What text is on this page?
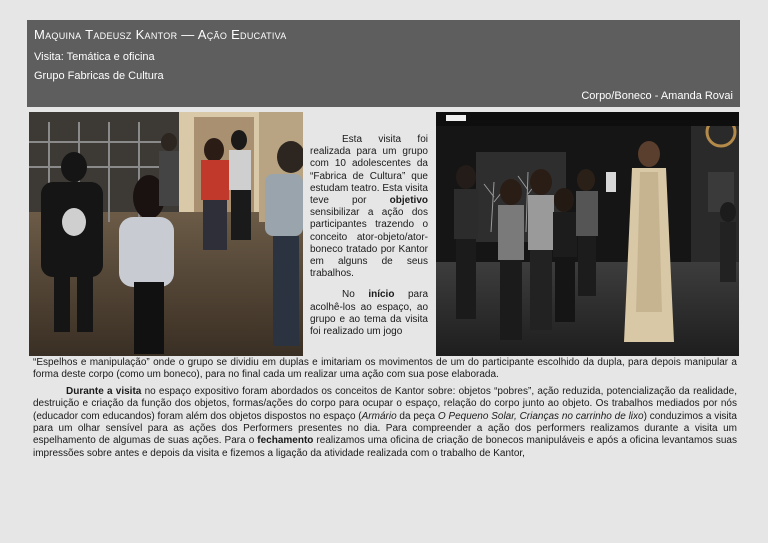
Maquina Tadeusz Kantor — Ação Educativa
Visita: Temática e oficina
Grupo Fabricas de Cultura
Corpo/Boneco - Amanda Rovai

Esta visita foi realizada para um grupo com 10 adolescentes da “Fabrica de Cultura” que estudam teatro. Esta visita teve por objetivo sensibilizar a ação dos participantes trazendo o conceito ator-objeto/ator-boneco tratado por Kantor em alguns de seus trabalhos.

No início para acolhê-los ao espaço, ao grupo e ao tema da visita foi realizado um jogo

“Espelhos e manipulação” onde o grupo se dividiu em duplas e imitariam os movimentos de um do participante escolhido da dupla, para depois manipular a forma deste corpo (como um boneco), para no final cada um realizar uma ação com sua pose elaborada.

Durante a visita no espaço expositivo foram abordados os conceitos de Kantor sobre: objetos “pobres”, ação reduzida, potencialização da realidade, destruição e criação da função dos objetos, formas/ações do corpo para ocupar o espaço, relação do corpo junto ao objeto. Os trabalhos mediados por nós (educador com educandos) foram além dos objetos dispostos no espaço (Armário da peça O Pequeno Solar, Crianças no carrinho de lixo) conduzimos a visita para um olhar sensível para as ações dos Performers presentes no dia. Para compreender a ação dos performers realizamos durante a visita um espelhamento de algumas de suas ações. Para o fechamento realizamos uma oficina de criação de bonecos manipuláveis e após a oficina levantamos suas impressões sobre antes e depois da visita e fizemos a ligação da atividade realizada com o trabalho de Kantor,
